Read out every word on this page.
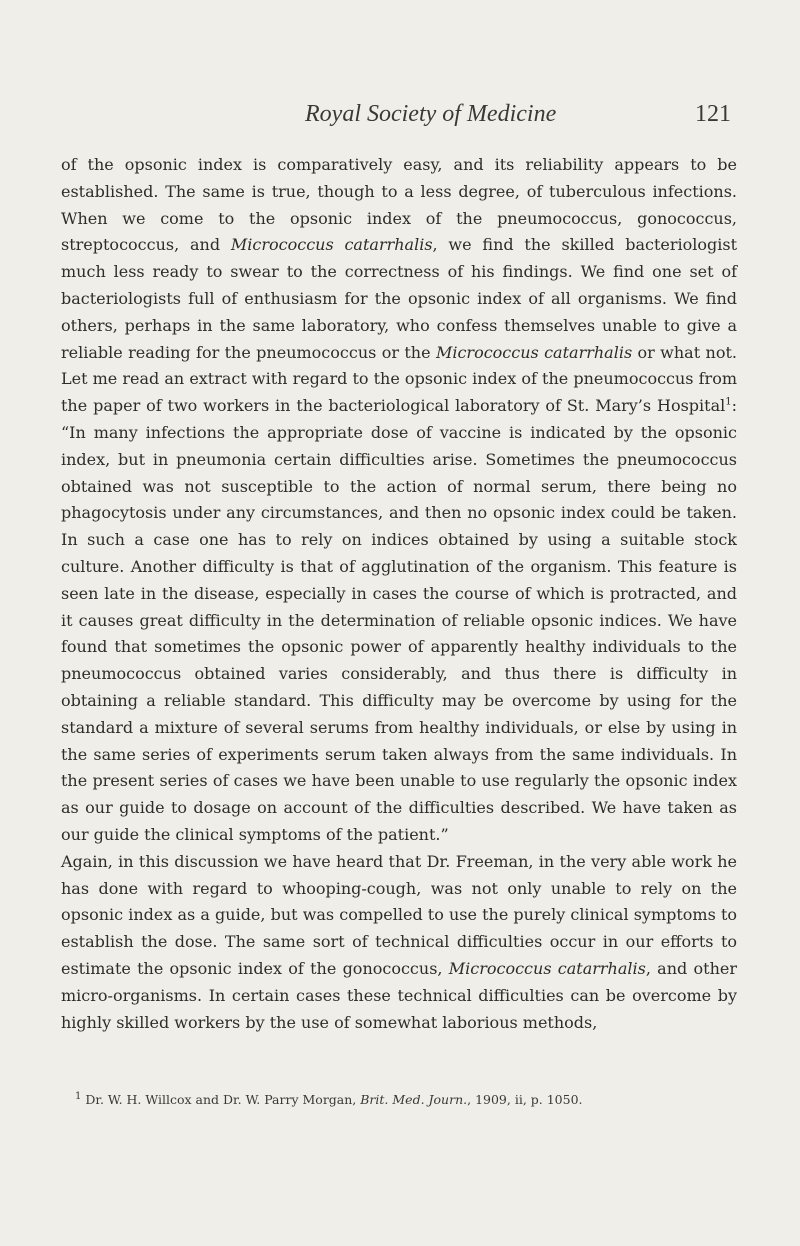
Royal Society of Medicine	121

of the opsonic index is comparatively easy, and its reliability appears to be established. The same is true, though to a less degree, of tuberculous infections. When we come to the opsonic index of the pneumococcus, gonococcus, streptococcus, and Micrococcus catarrhalis, we find the skilled bacteriologist much less ready to swear to the correctness of his findings. We find one set of bacteriologists full of enthusiasm for the opsonic index of all organisms. We find others, perhaps in the same laboratory, who confess themselves unable to give a reliable reading for the pneumococcus or the Micrococcus catarrhalis or what not. Let me read an extract with regard to the opsonic index of the pneumococcus from the paper of two workers in the bacteriological laboratory of St. Mary’s Hospital$^1$: “In many infections the appropriate dose of vaccine is indicated by the opsonic index, but in pneumonia certain difficulties arise. Sometimes the pneumococcus obtained was not susceptible to the action of normal serum, there being no phagocytosis under any circumstances, and then no opsonic index could be taken. In such a case one has to rely on indices obtained by using a suitable stock culture. Another difficulty is that of agglutination of the organism. This feature is seen late in the disease, especially in cases the course of which is protracted, and it causes great difficulty in the determination of reliable opsonic indices. We have found that sometimes the opsonic power of apparently healthy individuals to the pneumococcus obtained varies considerably, and thus there is difficulty in obtaining a reliable standard. This difficulty may be overcome by using for the standard a mixture of several serums from healthy individuals, or else by using in the same series of experiments serum taken always from the same individuals. In the present series of cases we have been unable to use regularly the opsonic index as our guide to dosage on account of the difficulties described. We have taken as our guide the clinical symptoms of the patient.”

Again, in this discussion we have heard that Dr. Freeman, in the very able work he has done with regard to whooping-cough, was not only unable to rely on the opsonic index as a guide, but was compelled to use the purely clinical symptoms to establish the dose. The same sort of technical difficulties occur in our efforts to estimate the opsonic index of the gonococcus, Micrococcus catarrhalis, and other micro-organisms. In certain cases these technical difficulties can be overcome by highly skilled workers by the use of somewhat laborious methods,

$^1$ Dr. W. H. Willcox and Dr. W. Parry Morgan, Brit. Med. Journ., 1909, ii, p. 1050.
